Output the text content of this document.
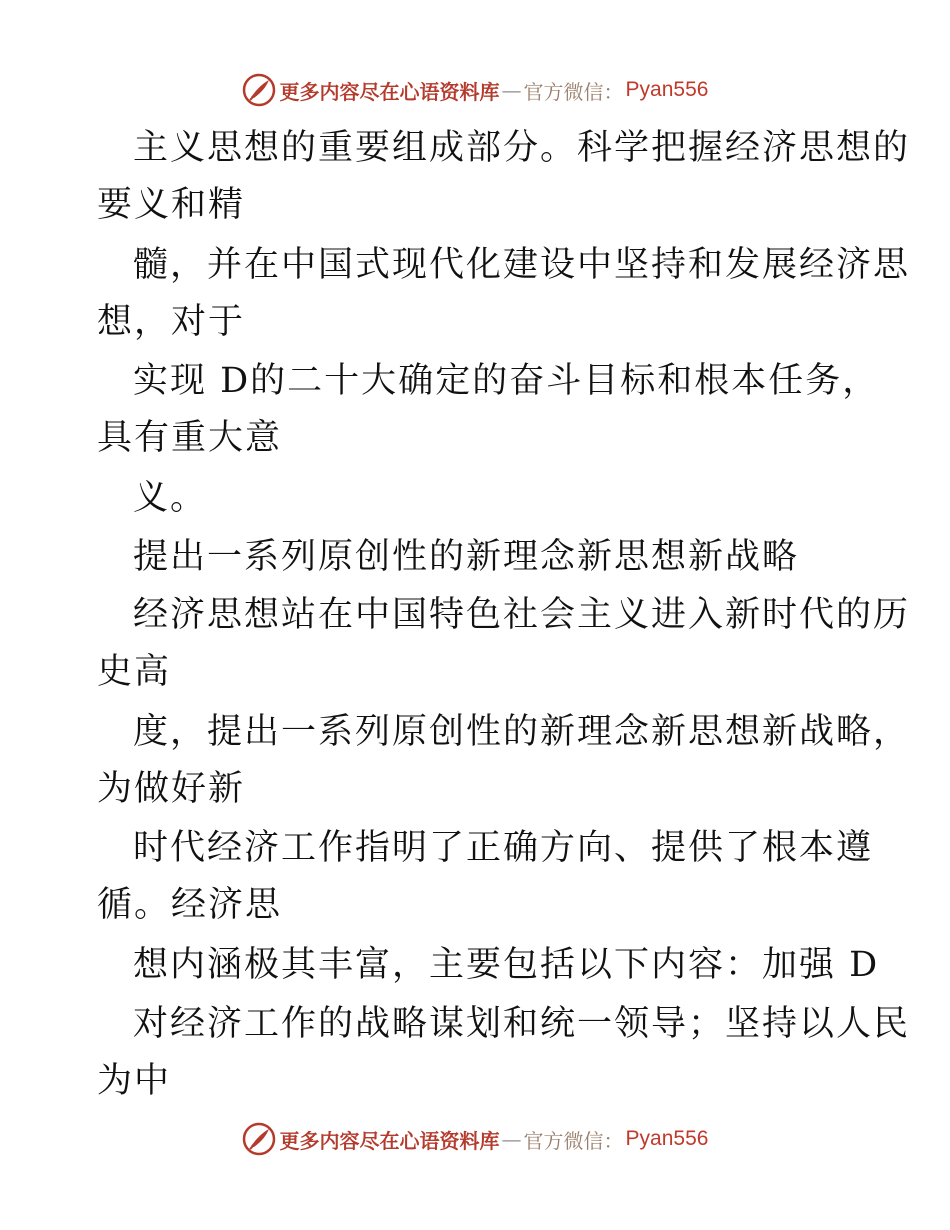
更多内容尽在心语资料库 — 官方微信： Pyan556
主义思想的重要组成部分。科学把握经济思想的
要义和精
髓，并在中国式现代化建设中坚持和发展经济思
想，对于
实现 D的二十大确定的奋斗目标和根本任务，
具有重大意
义。
提出一系列原创性的新理念新思想新战略
经济思想站在中国特色社会主义进入新时代的历
史高
度，提出一系列原创性的新理念新思想新战略，
为做好新
时代经济工作指明了正确方向、提供了根本遵
循。经济思
想内涵极其丰富，主要包括以下内容：加强 D
对经济工作的战略谋划和统一领导；坚持以人民
为中
更多内容尽在心语资料库 — 官方微信： Pyan556
